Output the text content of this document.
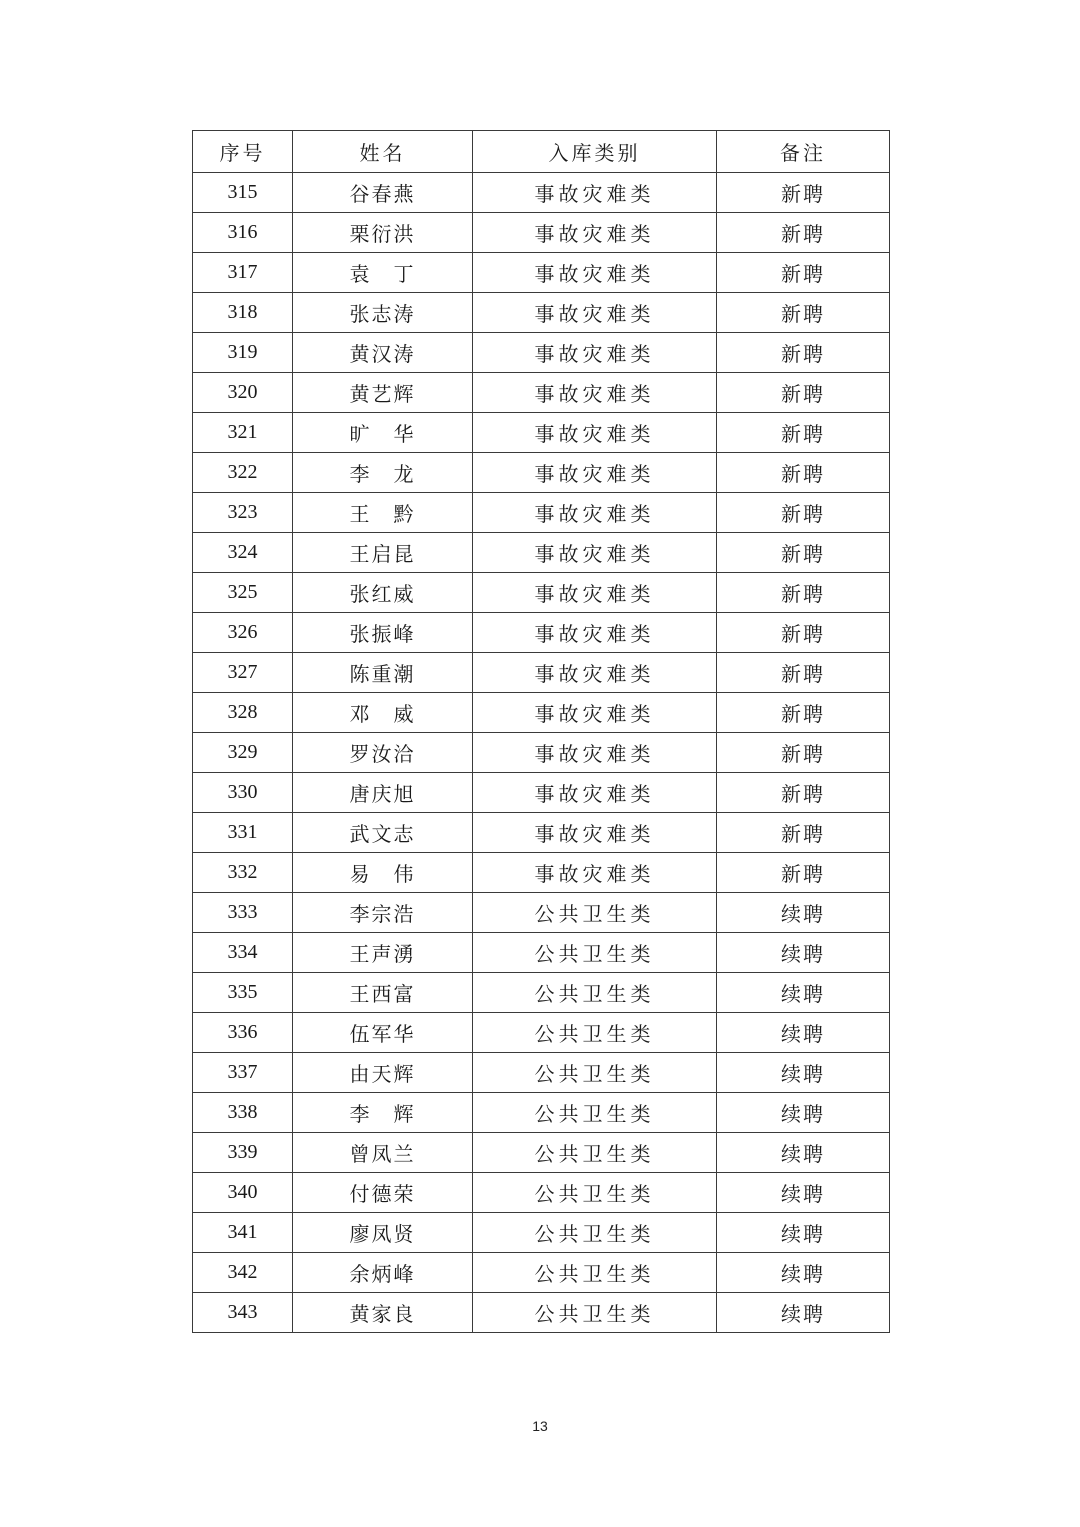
序号	姓名	入库类别	备注
315	谷春燕	事故灾难类	新聘
316	栗衍洪	事故灾难类	新聘
317	袁　丁	事故灾难类	新聘
318	张志涛	事故灾难类	新聘
319	黄汉涛	事故灾难类	新聘
320	黄艺辉	事故灾难类	新聘
321	旷　华	事故灾难类	新聘
322	李　龙	事故灾难类	新聘
323	王　黔	事故灾难类	新聘
324	王启昆	事故灾难类	新聘
325	张红威	事故灾难类	新聘
326	张振峰	事故灾难类	新聘
327	陈重潮	事故灾难类	新聘
328	邓　威	事故灾难类	新聘
329	罗汝洽	事故灾难类	新聘
330	唐庆旭	事故灾难类	新聘
331	武文志	事故灾难类	新聘
332	易　伟	事故灾难类	新聘
333	李宗浩	公共卫生类	续聘
334	王声湧	公共卫生类	续聘
335	王西富	公共卫生类	续聘
336	伍军华	公共卫生类	续聘
337	由天辉	公共卫生类	续聘
338	李　辉	公共卫生类	续聘
339	曾凤兰	公共卫生类	续聘
340	付德荣	公共卫生类	续聘
341	廖凤贤	公共卫生类	续聘
342	余炳峰	公共卫生类	续聘
343	黄家良	公共卫生类	续聘
13
